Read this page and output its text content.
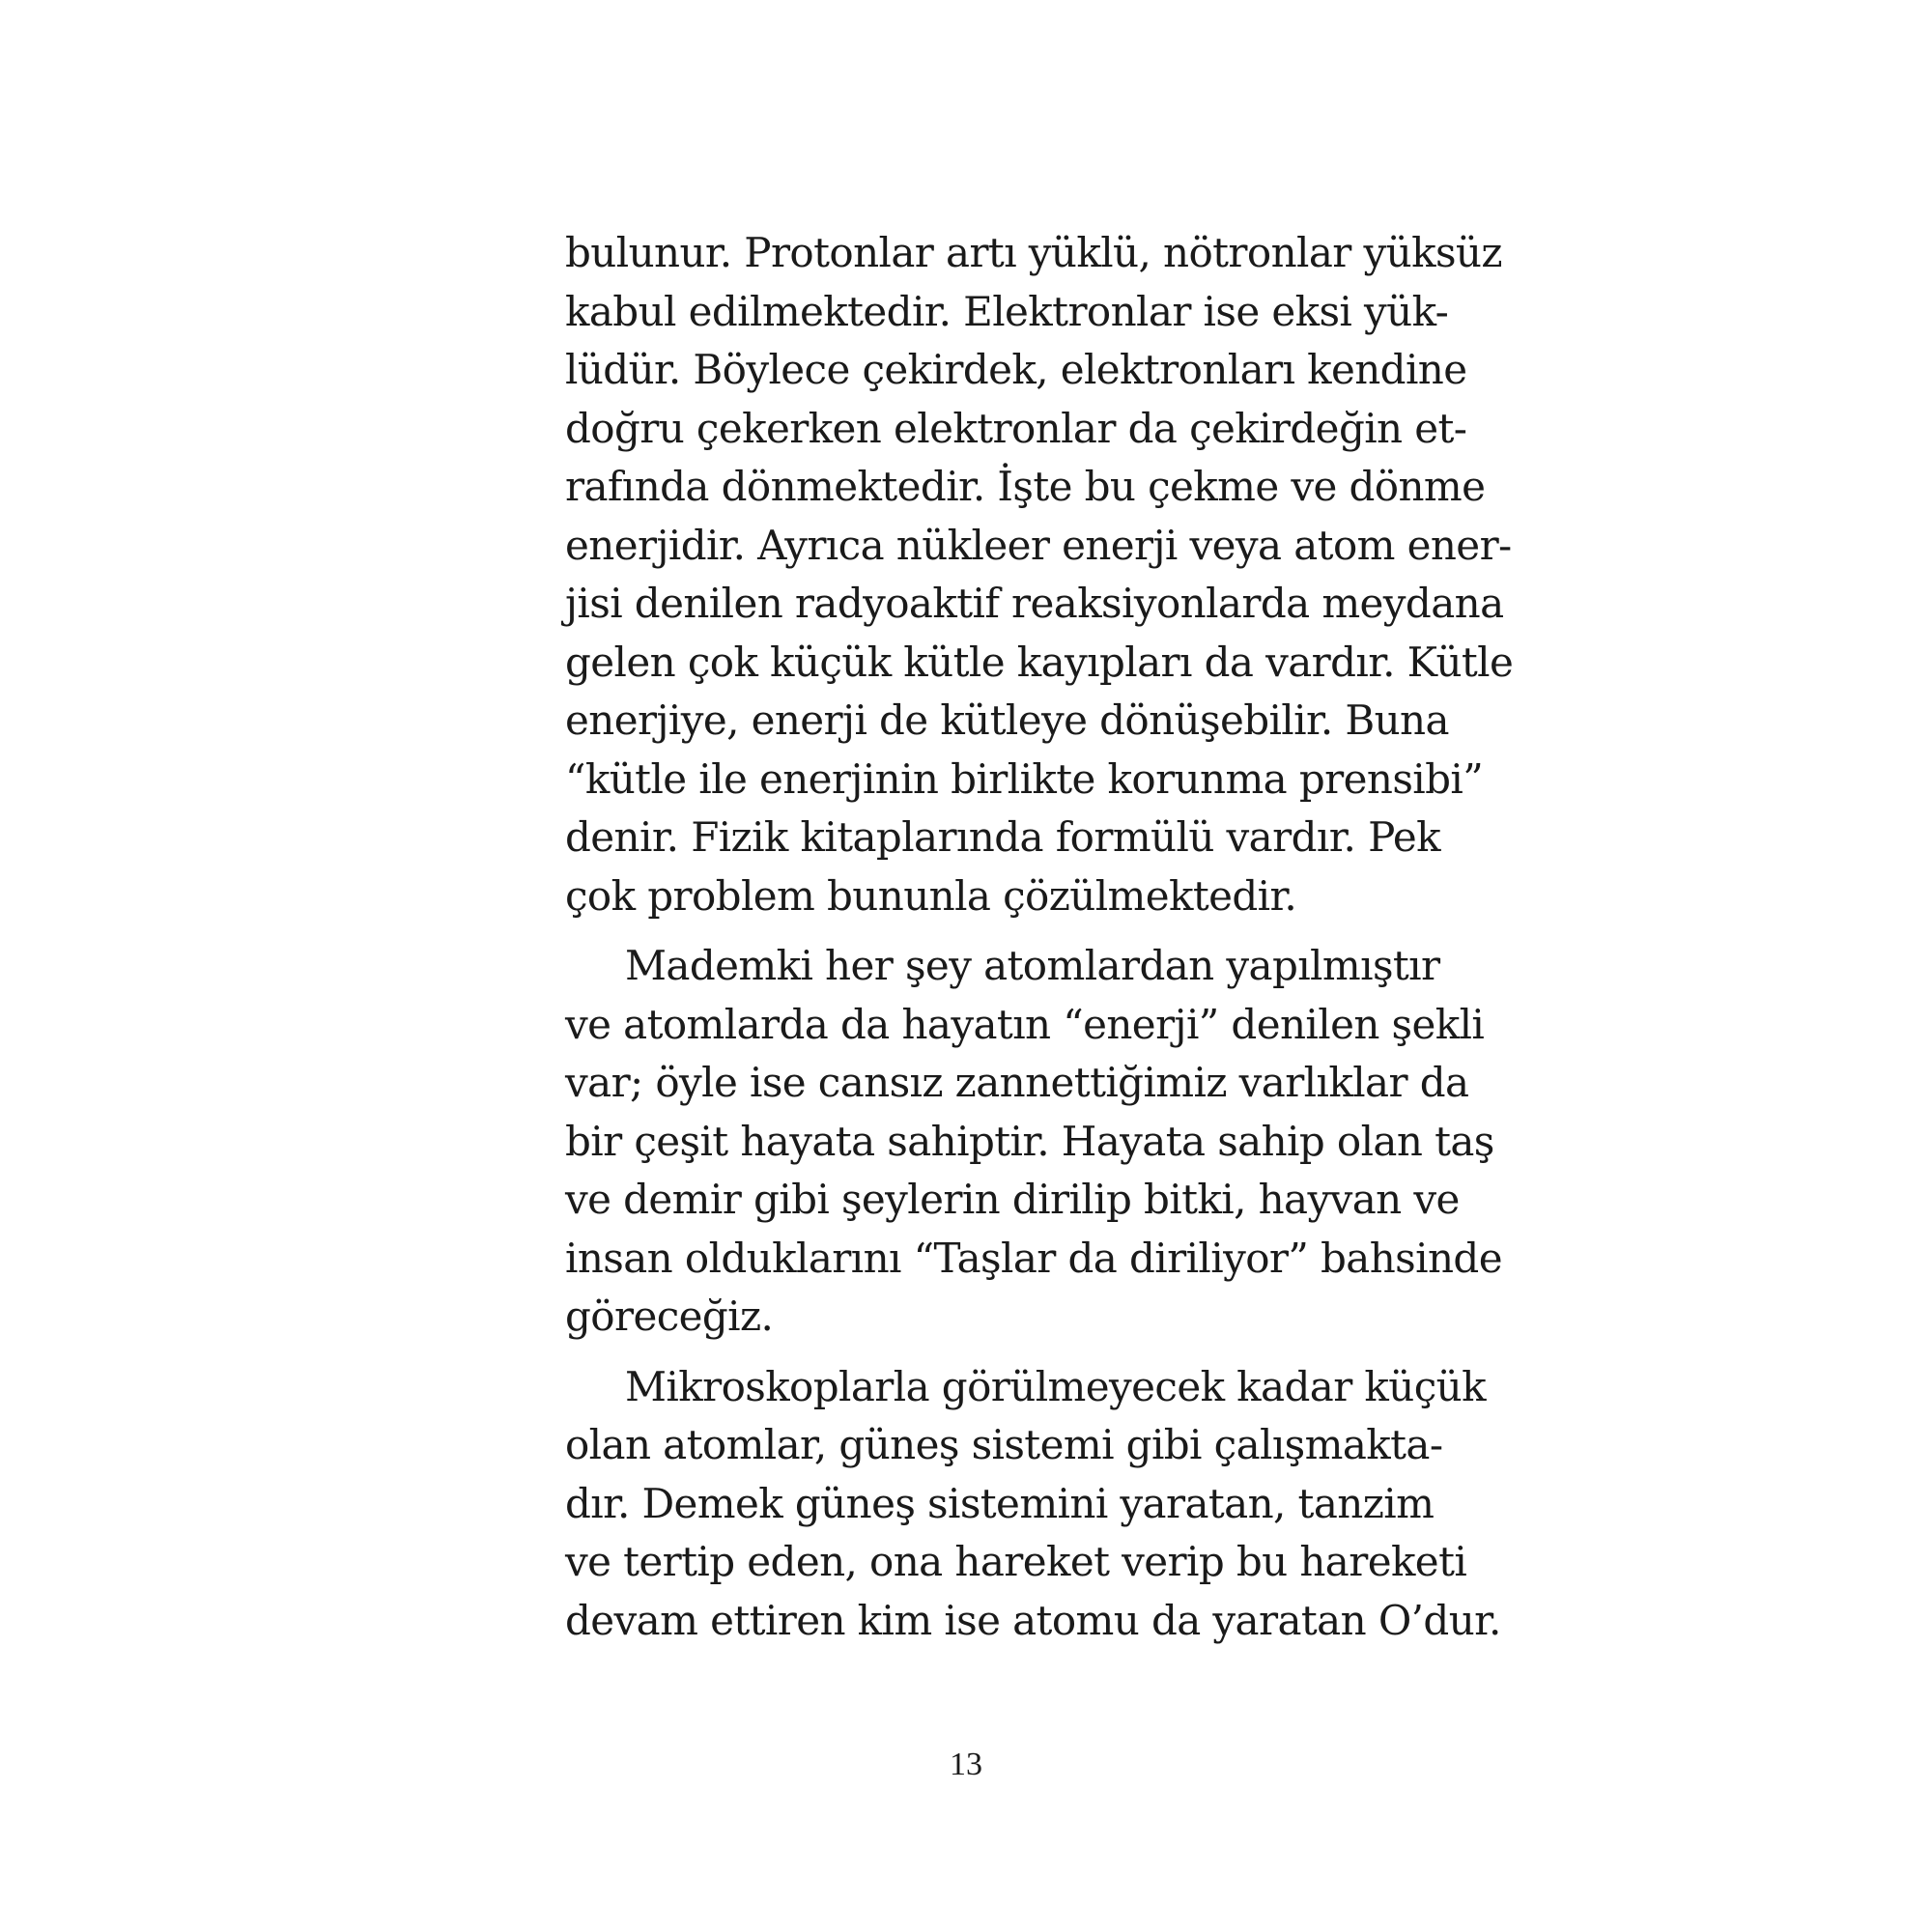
bulunur. Protonlar artı yüklü, nötronlar yüksüz
kabul edilmektedir. Elektronlar ise eksi yük-
lüdür. Böylece çekirdek, elektronları kendine
doğru çekerken elektronlar da çekirdeğin et-
rafında dönmektedir. İşte bu çekme ve dönme
enerjidir. Ayrıca nükleer enerji veya atom ener-
jisi denilen radyoaktif reaksiyonlarda meydana
gelen çok küçük kütle kayıpları da vardır. Kütle
enerjiye, enerji de kütleye dönüşebilir. Buna
“kütle ile enerjinin birlikte korunma prensibi”
denir. Fizik kitaplarında formülü vardır. Pek
çok problem bununla çözülmektedir.
Mademki her şey atomlardan yapılmıştır
ve atomlarda da hayatın “enerji” denilen şekli
var; öyle ise cansız zannettiğimiz varlıklar da
bir çeşit hayata sahiptir. Hayata sahip olan taş
ve demir gibi şeylerin dirilip bitki, hayvan ve
insan olduklarını “Taşlar da diriliyor” bahsinde
göreceğiz.
Mikroskoplarla görülmeyecek kadar küçük
olan atomlar, güneş sistemi gibi çalışmakta-
dır. Demek güneş sistemini yaratan, tanzim
ve tertip eden, ona hareket verip bu hareketi
devam ettiren kim ise atomu da yaratan O’dur.
13
